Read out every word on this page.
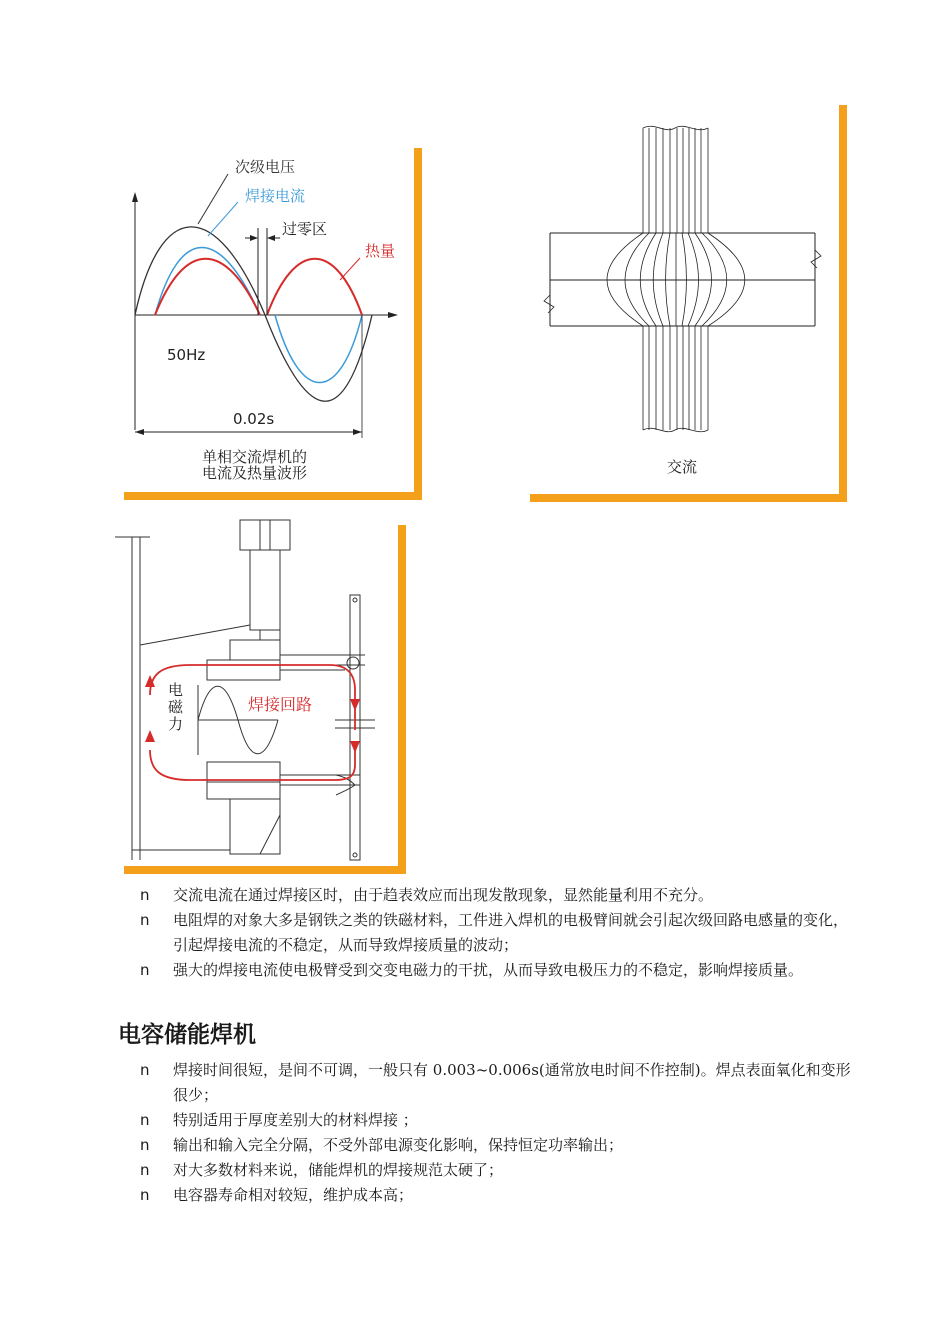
次级电压
焊接电流
过零区
热量
50Hz
0.02s
单相交流焊机的
电流及热量波形	交流
电
磁
力
焊接回路
n 交流电流在通过焊接区时，由于趋表效应而出现发散现象，显然能量利用不充分。
n 电阻焊的对象大多是钢铁之类的铁磁材料，工件进入焊机的电极臂间就会引起次级回路电感量的变化，引起焊接电流的不稳定，从而导致焊接质量的波动；
n 强大的焊接电流使电极臂受到交变电磁力的干扰，从而导致电极压力的不稳定，影响焊接质量。
电容储能焊机
n 焊接时间很短，是间不可调，一般只有 0.003~0.006s(通常放电时间不作控制)。焊点表面氧化和变形很少；
n 特别适用于厚度差别大的材料焊接 ；
n 输出和输入完全分隔，不受外部电源变化影响，保持恒定功率输出；
n 对大多数材料来说，储能焊机的焊接规范太硬了；
n 电容器寿命相对较短，维护成本高；
